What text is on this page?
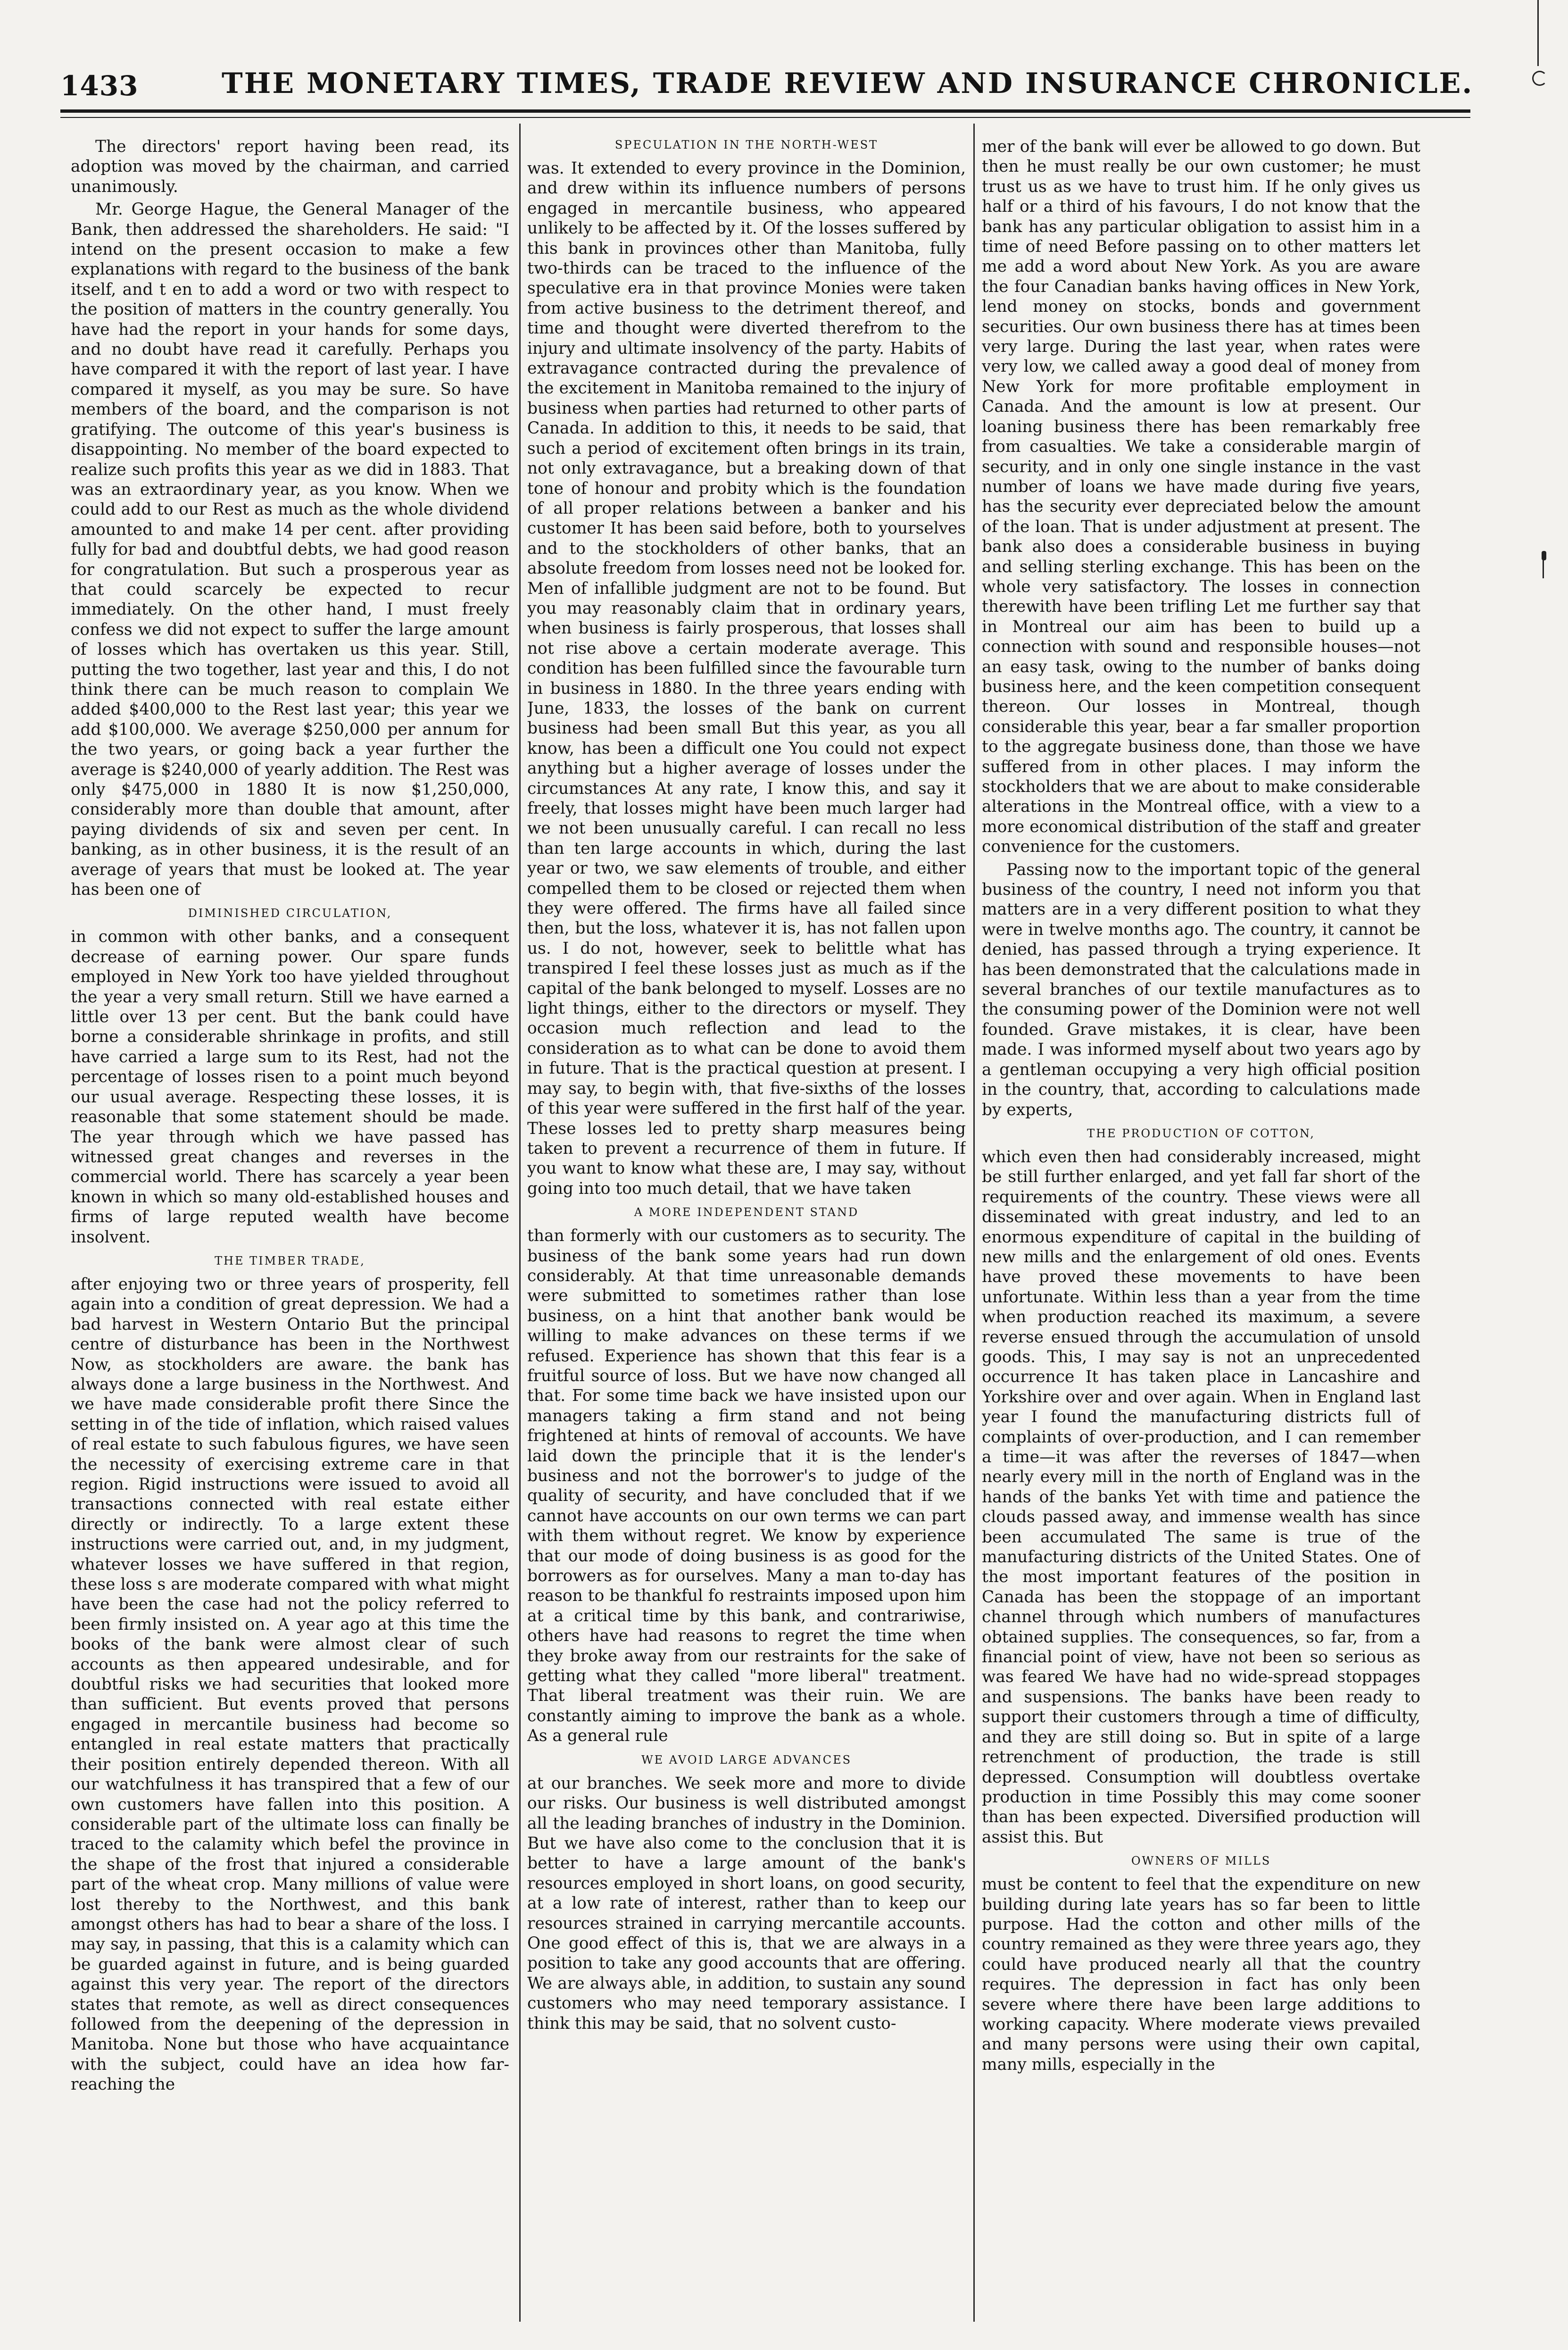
1433	THE MONETARY TIMES, TRADE REVIEW AND INSURANCE CHRONICLE.

The directors' report having been read, its adoption was moved by the chairman, and carried unanimously.

Mr. George Hague, the General Manager of the Bank, then addressed the shareholders. He said: "I intend on the present occasion to make a few explanations with regard to the business of the bank itself, and t en to add a word or two with respect to the position of matters in the country generally. You have had the report in your hands for some days, and no doubt have read it carefully. Perhaps you have compared it with the report of last year. I have compared it myself, as you may be sure. So have members of the board, and the comparison is not gratifying. The outcome of this year's business is disappointing. No member of the board expected to realize such profits this year as we did in 1883. That was an extraordinary year, as you know. When we could add to our Rest as much as the whole dividend amounted to and make 14 per cent. after providing fully for bad and doubtful debts, we had good reason for congratulation. But such a prosperous year as that could scarcely be expected to recur immediately. On the other hand, I must freely confess we did not expect to suffer the large amount of losses which has overtaken us this year. Still, putting the two together, last year and this, I do not think there can be much reason to complain We added $400,000 to the Rest last year; this year we add $100,000. We average $250,000 per annum for the two years, or going back a year further the average is $240,000 of yearly addition. The Rest was only $475,000 in 1880 It is now $1,250,000, considerably more than double that amount, after paying dividends of six and seven per cent. In banking, as in other business, it is the result of an average of years that must be looked at. The year has been one of

DIMINISHED CIRCULATION,

in common with other banks, and a consequent decrease of earning power. Our spare funds employed in New York too have yielded throughout the year a very small return. Still we have earned a little over 13 per cent. But the bank could have borne a considerable shrinkage in profits, and still have carried a large sum to its Rest, had not the percentage of losses risen to a point much beyond our usual average. Respecting these losses, it is reasonable that some statement should be made. The year through which we have passed has witnessed great changes and reverses in the commercial world. There has scarcely a year been known in which so many old-established houses and firms of large reputed wealth have become insolvent.

THE TIMBER TRADE,

after enjoying two or three years of prosperity, fell again into a condition of great depression. We had a bad harvest in Western Ontario But the principal centre of disturbance has been in the Northwest Now, as stockholders are aware. the bank has always done a large business in the Northwest. And we have made considerable profit there Since the setting in of the tide of inflation, which raised values of real estate to such fabulous figures, we have seen the necessity of exercising extreme care in that region. Rigid instructions were issued to avoid all transactions connected with real estate either directly or indirectly. To a large extent these instructions were carried out, and, in my judgment, whatever losses we have suffered in that region, these loss s are moderate compared with what might have been the case had not the policy referred to been firmly insisted on. A year ago at this time the books of the bank were almost clear of such accounts as then appeared undesirable, and for doubtful risks we had securities that looked more than sufficient. But events proved that persons engaged in mercantile business had become so entangled in real estate matters that practically their position entirely depended thereon. With all our watchfulness it has transpired that a few of our own customers have fallen into this position. A considerable part of the ultimate loss can finally be traced to the calamity which befel the province in the shape of the frost that injured a considerable part of the wheat crop. Many millions of value were lost thereby to the Northwest, and this bank amongst others has had to bear a share of the loss. I may say, in passing, that this is a calamity which can be guarded against in future, and is being guarded against this very year. The report of the directors states that remote, as well as direct consequences followed from the deepening of the depression in Manitoba. None but those who have acquaintance with the subject, could have an idea how far-reaching the

SPECULATION IN THE NORTH-WEST

was. It extended to every province in the Dominion, and drew within its influence numbers of persons engaged in mercantile business, who appeared unlikely to be affected by it. Of the losses suffered by this bank in provinces other than Manitoba, fully two-thirds can be traced to the influence of the speculative era in that province Monies were taken from active business to the detriment thereof, and time and thought were diverted therefrom to the injury and ultimate insolvency of the party. Habits of extravagance contracted during the prevalence of the excitement in Manitoba remained to the injury of business when parties had returned to other parts of Canada. In addition to this, it needs to be said, that such a period of excitement often brings in its train, not only extravagance, but a breaking down of that tone of honour and probity which is the foundation of all proper relations between a banker and his customer It has been said before, both to yourselves and to the stockholders of other banks, that an absolute freedom from losses need not be looked for. Men of infallible judgment are not to be found. But you may reasonably claim that in ordinary years, when business is fairly prosperous, that losses shall not rise above a certain moderate average. This condition has been fulfilled since the favourable turn in business in 1880. In the three years ending with June, 1833, the losses of the bank on current business had been small But this year, as you all know, has been a difficult one You could not expect anything but a higher average of losses under the circumstances At any rate, I know this, and say it freely, that losses might have been much larger had we not been unusually careful. I can recall no less than ten large accounts in which, during the last year or two, we saw elements of trouble, and either compelled them to be closed or rejected them when they were offered. The firms have all failed since then, but the loss, whatever it is, has not fallen upon us. I do not, however, seek to belittle what has transpired I feel these losses just as much as if the capital of the bank belonged to myself. Losses are no light things, either to the directors or myself. They occasion much reflection and lead to the consideration as to what can be done to avoid them in future. That is the practical question at present. I may say, to begin with, that five-sixths of the losses of this year were suffered in the first half of the year. These losses led to pretty sharp measures being taken to prevent a recurrence of them in future. If you want to know what these are, I may say, without going into too much detail, that we have taken

A MORE INDEPENDENT STAND

than formerly with our customers as to security. The business of the bank some years had run down considerably. At that time unreasonable demands were submitted to sometimes rather than lose business, on a hint that another bank would be willing to make advances on these terms if we refused. Experience has shown that this fear is a fruitful source of loss. But we have now changed all that. For some time back we have insisted upon our managers taking a firm stand and not being frightened at hints of removal of accounts. We have laid down the principle that it is the lender's business and not the borrower's to judge of the quality of security, and have concluded that if we cannot have accounts on our own terms we can part with them without regret. We know by experience that our mode of doing business is as good for the borrowers as for ourselves. Many a man to-day has reason to be thankful fo restraints imposed upon him at a critical time by this bank, and contrariwise, others have had reasons to regret the time when they broke away from our restraints for the sake of getting what they called "more liberal" treatment. That liberal treatment was their ruin. We are constantly aiming to improve the bank as a whole. As a general rule

WE AVOID LARGE ADVANCES

at our branches. We seek more and more to divide our risks. Our business is well distributed amongst all the leading branches of industry in the Dominion. But we have also come to the conclusion that it is better to have a large amount of the bank's resources employed in short loans, on good security, at a low rate of interest, rather than to keep our resources strained in carrying mercantile accounts. One good effect of this is, that we are always in a position to take any good accounts that are offering. We are always able, in addition, to sustain any sound customers who may need temporary assistance. I think this may be said, that no solvent custo-

mer of the bank will ever be allowed to go down. But then he must really be our own customer; he must trust us as we have to trust him. If he only gives us half or a third of his favours, I do not know that the bank has any particular obligation to assist him in a time of need Before passing on to other matters let me add a word about New York. As you are aware the four Canadian banks having offices in New York, lend money on stocks, bonds and government securities. Our own business there has at times been very large. During the last year, when rates were very low, we called away a good deal of money from New York for more profitable employment in Canada. And the amount is low at present. Our loaning business there has been remarkably free from casualties. We take a considerable margin of security, and in only one single instance in the vast number of loans we have made during five years, has the security ever depreciated below the amount of the loan. That is under adjustment at present. The bank also does a considerable business in buying and selling sterling exchange. This has been on the whole very satisfactory. The losses in connection therewith have been trifling Let me further say that in Montreal our aim has been to build up a connection with sound and responsible houses—not an easy task, owing to the number of banks doing business here, and the keen competition consequent thereon. Our losses in Montreal, though considerable this year, bear a far smaller proportion to the aggregate business done, than those we have suffered from in other places. I may inform the stockholders that we are about to make considerable alterations in the Montreal office, with a view to a more economical distribution of the staff and greater convenience for the customers.

Passing now to the important topic of the general business of the country, I need not inform you that matters are in a very different position to what they were in twelve months ago. The country, it cannot be denied, has passed through a trying experience. It has been demonstrated that the calculations made in several branches of our textile manufactures as to the consuming power of the Dominion were not well founded. Grave mistakes, it is clear, have been made. I was informed myself about two years ago by a gentleman occupying a very high official position in the country, that, according to calculations made by experts,

THE PRODUCTION OF COTTON,

which even then had considerably increased, might be still further enlarged, and yet fall far short of the requirements of the country. These views were all disseminated with great industry, and led to an enormous expenditure of capital in the building of new mills and the enlargement of old ones. Events have proved these movements to have been unfortunate. Within less than a year from the time when production reached its maximum, a severe reverse ensued through the accumulation of unsold goods. This, I may say is not an unprecedented occurrence It has taken place in Lancashire and Yorkshire over and over again. When in England last year I found the manufacturing districts full of complaints of over-production, and I can remember a time—it was after the reverses of 1847—when nearly every mill in the north of England was in the hands of the banks Yet with time and patience the clouds passed away, and immense wealth has since been accumulated The same is true of the manufacturing districts of the United States. One of the most important features of the position in Canada has been the stoppage of an important channel through which numbers of manufactures obtained supplies. The consequences, so far, from a financial point of view, have not been so serious as was feared We have had no wide-spread stoppages and suspensions. The banks have been ready to support their customers through a time of difficulty, and they are still doing so. But in spite of a large retrenchment of production, the trade is still depressed. Consumption will doubtless overtake production in time Possibly this may come sooner than has been expected. Diversified production will assist this. But

OWNERS OF MILLS

must be content to feel that the expenditure on new building during late years has so far been to little purpose. Had the cotton and other mills of the country remained as they were three years ago, they could have produced nearly all that the country requires. The depression in fact has only been severe where there have been large additions to working capacity. Where moderate views prevailed and many persons were using their own capital, many mills, especially in the
